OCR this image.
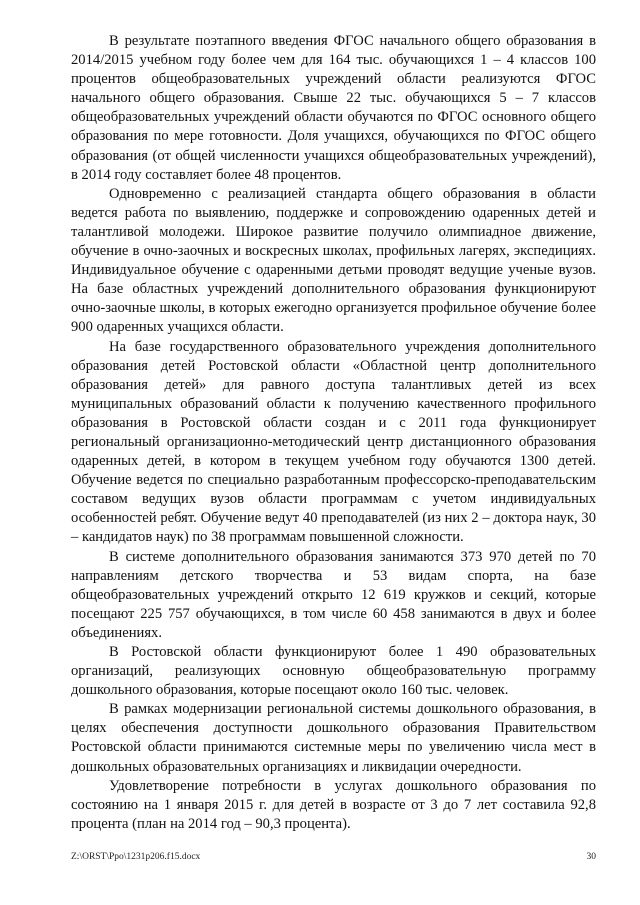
В результате поэтапного введения ФГОС начального общего образования в 2014/2015 учебном году более чем для 164 тыс. обучающихся 1 – 4 классов 100 процентов общеобразовательных учреждений области реализуются ФГОС начального общего образования. Свыше 22 тыс. обучающихся 5 – 7 классов общеобразовательных учреждений области обучаются по ФГОС основного общего образования по мере готовности. Доля учащихся, обучающихся по ФГОС общего образования (от общей численности учащихся общеобразовательных учреждений), в 2014 году составляет более 48 процентов.

Одновременно с реализацией стандарта общего образования в области ведется работа по выявлению, поддержке и сопровождению одаренных детей и талантливой молодежи. Широкое развитие получило олимпиадное движение, обучение в очно-заочных и воскресных школах, профильных лагерях, экспедициях. Индивидуальное обучение с одаренными детьми проводят ведущие ученые вузов. На базе областных учреждений дополнительного образования функционируют очно-заочные школы, в которых ежегодно организуется профильное обучение более 900 одаренных учащихся области.

На базе государственного образовательного учреждения дополнительного образования детей Ростовской области «Областной центр дополнительного образования детей» для равного доступа талантливых детей из всех муниципальных образований области к получению качественного профильного образования в Ростовской области создан и с 2011 года функционирует региональный организационно-методический центр дистанционного образования одаренных детей, в котором в текущем учебном году обучаются 1300 детей. Обучение ведется по специально разработанным профессорско-преподавательским составом ведущих вузов области программам с учетом индивидуальных особенностей ребят. Обучение ведут 40 преподавателей (из них 2 – доктора наук, 30 – кандидатов наук) по 38 программам повышенной сложности.

В системе дополнительного образования занимаются 373 970 детей по 70 направлениям детского творчества и 53 видам спорта, на базе общеобразовательных учреждений открыто 12 619 кружков и секций, которые посещают 225 757 обучающихся, в том числе 60 458 занимаются в двух и более объединениях.

В Ростовской области функционируют более 1 490 образовательных организаций, реализующих основную общеобразовательную программу дошкольного образования, которые посещают около 160 тыс. человек.

В рамках модернизации региональной системы дошкольного образования, в целях обеспечения доступности дошкольного образования Правительством Ростовской области принимаются системные меры по увеличению числа мест в дошкольных образовательных организациях и ликвидации очередности.

Удовлетворение потребности в услугах дошкольного образования по состоянию на 1 января 2015 г. для детей в возрасте от 3 до 7 лет составила 92,8 процента (план на 2014 год – 90,3 процента).

Z:\ORST\Ppo\1231p206.f15.docx	30
